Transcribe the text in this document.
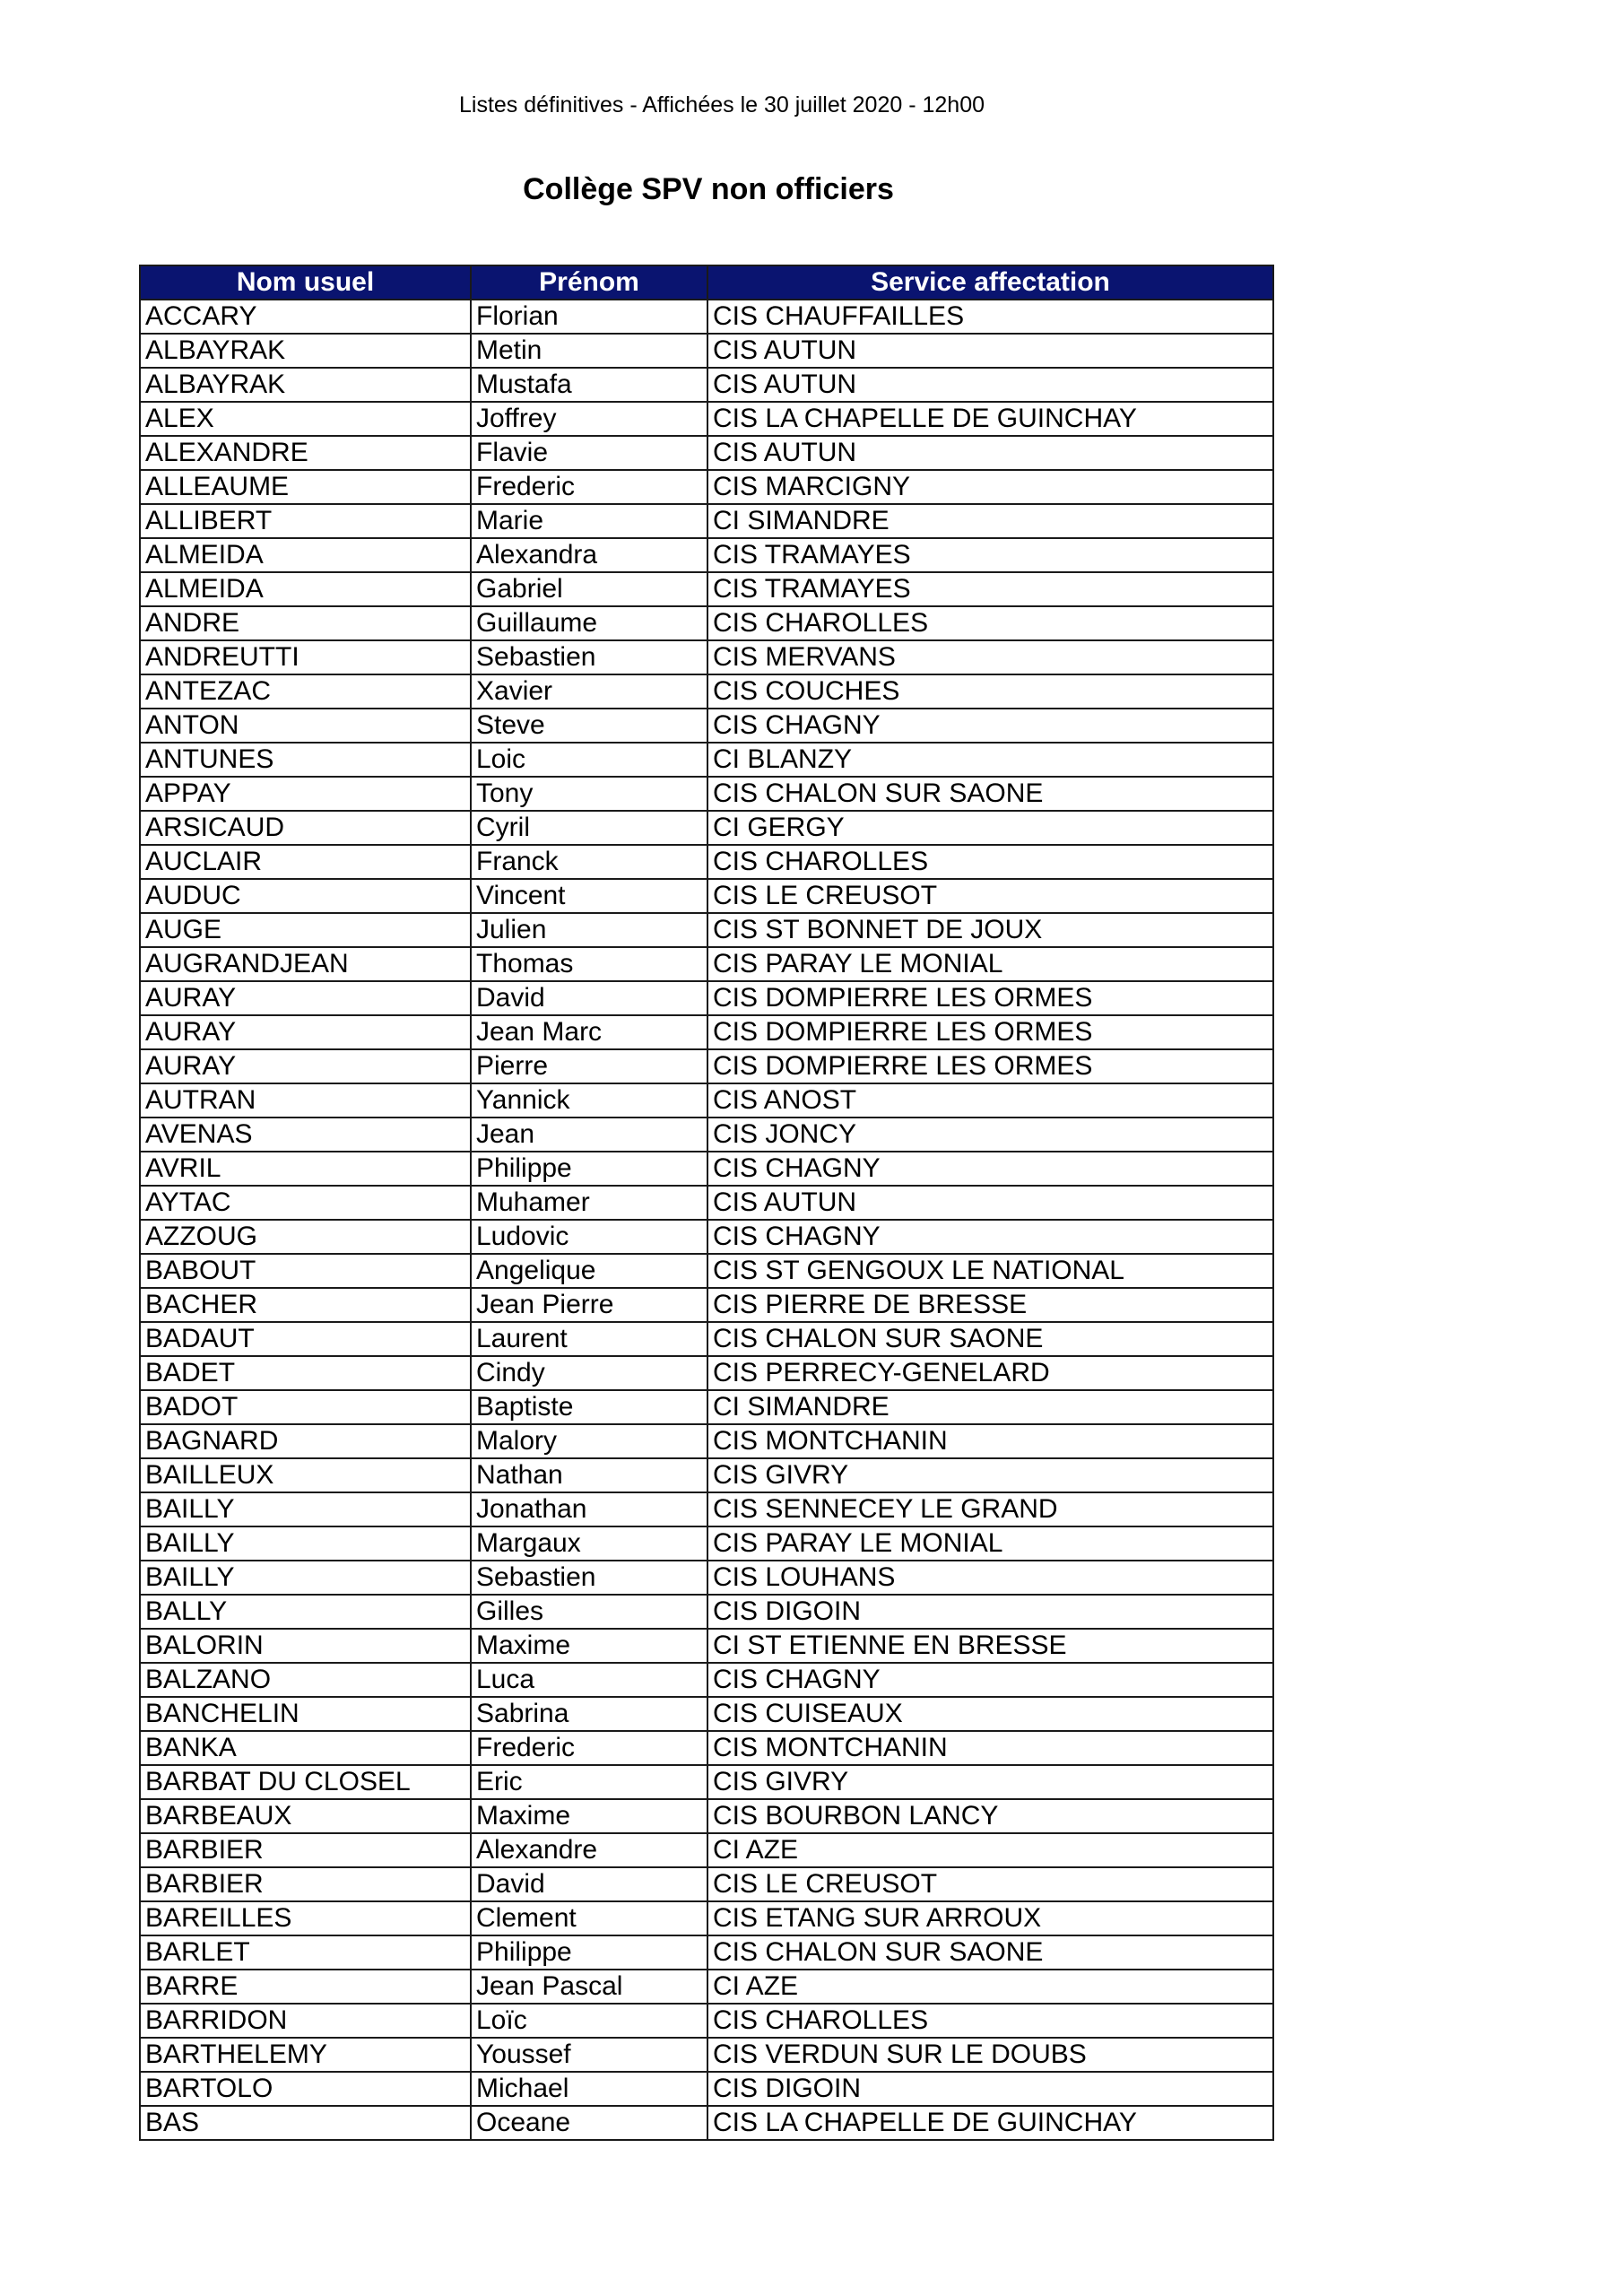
Listes définitives - Affichées le 30 juillet 2020 - 12h00
Collège SPV non officiers
Nom usuel	Prénom	Service affectation
ACCARY	Florian	CIS CHAUFFAILLES
ALBAYRAK	Metin	CIS AUTUN
ALBAYRAK	Mustafa	CIS AUTUN
ALEX	Joffrey	CIS LA CHAPELLE DE GUINCHAY
ALEXANDRE	Flavie	CIS AUTUN
ALLEAUME	Frederic	CIS MARCIGNY
ALLIBERT	Marie	CI SIMANDRE
ALMEIDA	Alexandra	CIS TRAMAYES
ALMEIDA	Gabriel	CIS TRAMAYES
ANDRE	Guillaume	CIS CHAROLLES
ANDREUTTI	Sebastien	CIS MERVANS
ANTEZAC	Xavier	CIS COUCHES
ANTON	Steve	CIS CHAGNY
ANTUNES	Loic	CI BLANZY
APPAY	Tony	CIS CHALON SUR SAONE
ARSICAUD	Cyril	CI GERGY
AUCLAIR	Franck	CIS CHAROLLES
AUDUC	Vincent	CIS LE CREUSOT
AUGE	Julien	CIS ST BONNET DE JOUX
AUGRANDJEAN	Thomas	CIS PARAY LE MONIAL
AURAY	David	CIS DOMPIERRE LES ORMES
AURAY	Jean Marc	CIS DOMPIERRE LES ORMES
AURAY	Pierre	CIS DOMPIERRE LES ORMES
AUTRAN	Yannick	CIS ANOST
AVENAS	Jean	CIS JONCY
AVRIL	Philippe	CIS CHAGNY
AYTAC	Muhamer	CIS AUTUN
AZZOUG	Ludovic	CIS CHAGNY
BABOUT	Angelique	CIS ST GENGOUX LE NATIONAL
BACHER	Jean Pierre	CIS PIERRE DE BRESSE
BADAUT	Laurent	CIS CHALON SUR SAONE
BADET	Cindy	CIS PERRECY-GENELARD
BADOT	Baptiste	CI SIMANDRE
BAGNARD	Malory	CIS MONTCHANIN
BAILLEUX	Nathan	CIS GIVRY
BAILLY	Jonathan	CIS SENNECEY LE GRAND
BAILLY	Margaux	CIS PARAY LE MONIAL
BAILLY	Sebastien	CIS LOUHANS
BALLY	Gilles	CIS DIGOIN
BALORIN	Maxime	CI ST ETIENNE EN BRESSE
BALZANO	Luca	CIS CHAGNY
BANCHELIN	Sabrina	CIS CUISEAUX
BANKA	Frederic	CIS MONTCHANIN
BARBAT DU CLOSEL	Eric	CIS GIVRY
BARBEAUX	Maxime	CIS BOURBON LANCY
BARBIER	Alexandre	CI AZE
BARBIER	David	CIS LE CREUSOT
BAREILLES	Clement	CIS ETANG SUR ARROUX
BARLET	Philippe	CIS CHALON SUR SAONE
BARRE	Jean Pascal	CI AZE
BARRIDON	Loïc	CIS CHAROLLES
BARTHELEMY	Youssef	CIS VERDUN SUR LE DOUBS
BARTOLO	Michael	CIS DIGOIN
BAS	Oceane	CIS LA CHAPELLE DE GUINCHAY
